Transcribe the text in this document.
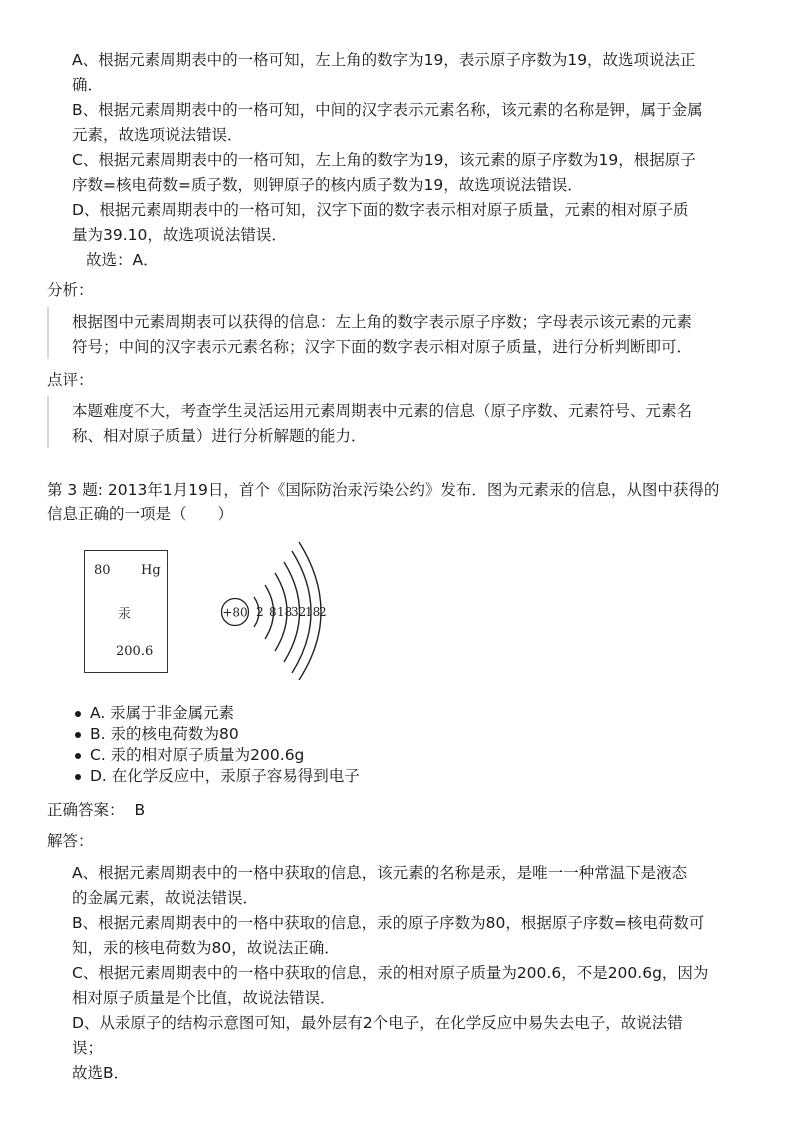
A、根据元素周期表中的一格可知，左上角的数字为19，表示原子序数为19，故选项说法正
确．
B、根据元素周期表中的一格可知，中间的汉字表示元素名称，该元素的名称是钾，属于金属
元素，故选项说法错误．
C、根据元素周期表中的一格可知，左上角的数字为19，该元素的原子序数为19，根据原子
序数=核电荷数=质子数，则钾原子的核内质子数为19，故选项说法错误．
D、根据元素周期表中的一格可知，汉字下面的数字表示相对原子质量，元素的相对原子质
量为39.10，故选项说法错误．
故选：A．
分析：
根据图中元素周期表可以获得的信息：左上角的数字表示原子序数；字母表示该元素的元素
符号；中间的汉字表示元素名称；汉字下面的数字表示相对原子质量，进行分析判断即可．
点评：
本题难度不大，考查学生灵活运用元素周期表中元素的信息（原子序数、元素符号、元素名
称、相对原子质量）进行分析解题的能力．
第 3 题: 2013年1月19日，首个《国际防治汞污染公约》发布．图为元素汞的信息，从图中获得的
信息正确的一项是（　　）
80 Hg
汞
200.6
+80 2 8 18
32
18
2
A. 汞属于非金属元素
B. 汞的核电荷数为80
C. 汞的相对原子质量为200.6g
D. 在化学反应中，汞原子容易得到电子
正确答案： B
解答：
A、根据元素周期表中的一格中获取的信息，该元素的名称是汞，是唯一一种常温下是液态
的金属元素，故说法错误．
B、根据元素周期表中的一格中获取的信息，汞的原子序数为80，根据原子序数=核电荷数可
知，汞的核电荷数为80，故说法正确．
C、根据元素周期表中的一格中获取的信息，汞的相对原子质量为200.6，不是200.6g，因为
相对原子质量是个比值，故说法错误．
D、从汞原子的结构示意图可知，最外层有2个电子，在化学反应中易失去电子，故说法错
误；
故选B．
